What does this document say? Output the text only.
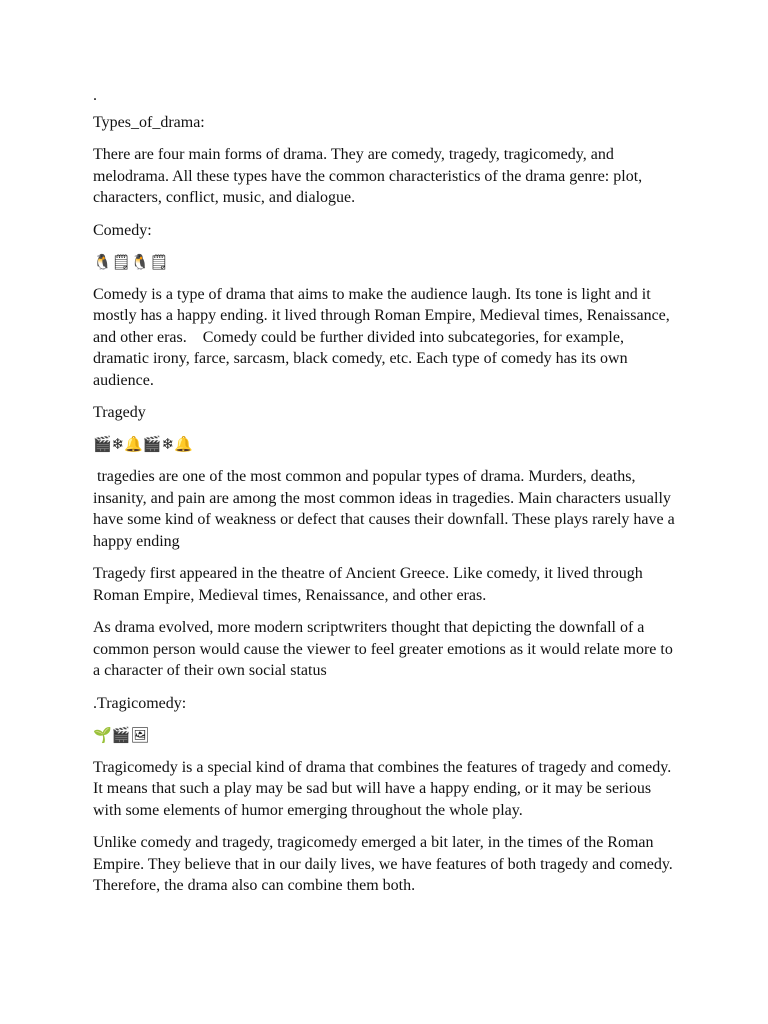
.
Types_of_drama:
There are four main forms of drama. They are comedy, tragedy, tragicomedy, and melodrama. All these types have the common characteristics of the drama genre: plot, characters, conflict, music, and dialogue.
Comedy:
🐧🗒🐧🗒
Comedy is a type of drama that aims to make the audience laugh. Its tone is light and it mostly has a happy ending. it lived through Roman Empire, Medieval times, Renaissance, and other eras.    Comedy could be further divided into subcategories, for example, dramatic irony, farce, sarcasm, black comedy, etc. Each type of comedy has its own audience.
Tragedy
🎬❄🔔🎬❄🔔
tragedies are one of the most common and popular types of drama. Murders, deaths, insanity, and pain are among the most common ideas in tragedies. Main characters usually have some kind of weakness or defect that causes their downfall. These plays rarely have a happy ending
Tragedy first appeared in the theatre of Ancient Greece. Like comedy, it lived through Roman Empire, Medieval times, Renaissance, and other eras.
As drama evolved, more modern scriptwriters thought that depicting the downfall of a common person would cause the viewer to feel greater emotions as it would relate more to a character of their own social status
.Tragicomedy:
🌱🎬🖼
Tragicomedy is a special kind of drama that combines the features of tragedy and comedy. It means that such a play may be sad but will have a happy ending, or it may be serious with some elements of humor emerging throughout the whole play.
Unlike comedy and tragedy, tragicomedy emerged a bit later, in the times of the Roman Empire. They believe that in our daily lives, we have features of both tragedy and comedy. Therefore, the drama also can combine them both.
